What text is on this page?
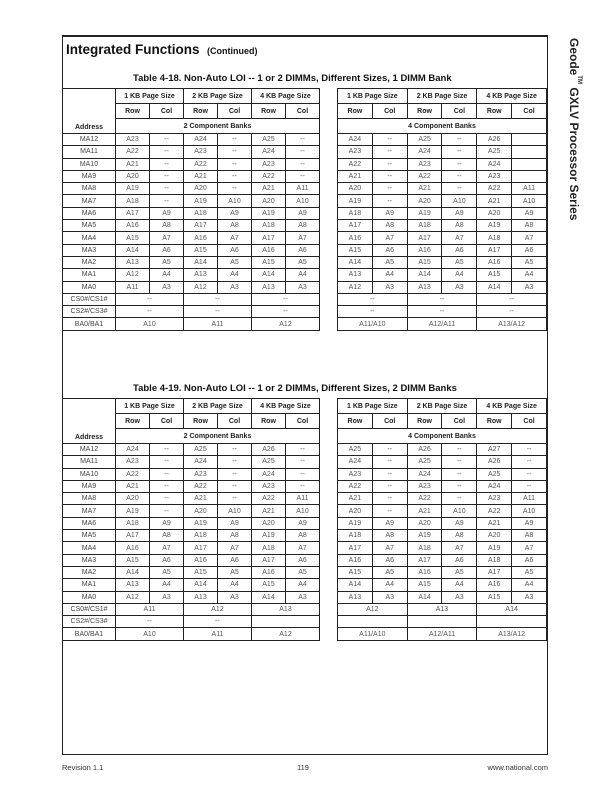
Integrated Functions (Continued)	Geode™ GXLV Processor Series
Table 4-18. Non-Auto LOI -- 1 or 2 DIMMs, Different Sizes, 1 DIMM Bank
Address	1 KB Page Size		2 KB Page Size		4 KB Page Size	
	Row	Col	Row	Col	Row	Col
	2 Component Banks					
MA12	A23	--	A24	--	A25	--
MA11	A22	--	A23	--	A24	--
MA10	A21	--	A22	--	A23	--
MA9	A20	--	A21	--	A22	--
MA8	A19	--	A20	--	A21	A11
MA7	A18	--	A19	A10	A20	A10
MA6	A17	A9	A18	A9	A19	A9
MA5	A16	A8	A17	A8	A18	A8
MA4	A15	A7	A16	A7	A17	A7
MA3	A14	A6	A15	A6	A16	A6
MA2	A13	A5	A14	A5	A15	A5
MA1	A12	A4	A13	A4	A14	A4
MA0	A11	A3	A12	A3	A13	A3
CS0#/CS1#	--		--		--	
CS2#/CS3#	--		--		--	
BA0/BA1	A10		A11		A12	
1 KB Page Size		2 KB Page Size		4 KB Page Size	
Row	Col	Row	Col	Row	Col
4 Component Banks					
A24	--	A25	--	A26	
A23	--	A24	--	A25	
A22	--	A23	--	A24	
A21	--	A22	--	A23	
A20	--	A21	--	A22	A11
A19	--	A20	A10	A21	A10
A18	A9	A19	A9	A20	A9
A17	A8	A18	A8	A19	A8
A16	A7	A17	A7	A18	A7
A15	A6	A16	A6	A17	A6
A14	A5	A15	A5	A16	A5
A13	A4	A14	A4	A15	A4
A12	A3	A13	A3	A14	A3
--		--		--	
--		--		--	
A11/A10		A12/A11		A13/A12	
Table 4-19. Non-Auto LOI -- 1 or 2 DIMMs, Different Sizes, 2 DIMM Banks
Address	1 KB Page Size		2 KB Page Size		4 KB Page Size	
	Row	Col	Row	Col	Row	Col
	2 Component Banks					
MA12	A24	--	A25	--	A26	--
MA11	A23	--	A24	--	A25	--
MA10	A22	--	A23	--	A24	--
MA9	A21	--	A22	--	A23	--
MA8	A20	--	A21	--	A22	A11
MA7	A19	--	A20	A10	A21	A10
MA6	A18	A9	A19	A9	A20	A9
MA5	A17	A8	A18	A8	A19	A8
MA4	A16	A7	A17	A7	A18	A7
MA3	A15	A6	A16	A6	A17	A6
MA2	A14	A5	A15	A5	A16	A5
MA1	A13	A4	A14	A4	A15	A4
MA0	A12	A3	A13	A3	A14	A3
CS0#/CS1#	A11		A12		A13	
CS2#/CS3#	--		--			
BA0/BA1	A10		A11		A12	
1 KB Page Size		2 KB Page Size		4 KB Page Size	
Row	Col	Row	Col	Row	Col
4 Component Banks					
A25	--	A26	--	A27	--
A24	--	A25	--	A26	--
A23	--	A24	--	A25	--
A22	--	A23	--	A24	--
A21	--	A22	--	A23	A11
A20	--	A21	A10	A22	A10
A19	A9	A20	A9	A21	A9
A18	A8	A19	A8	A20	A8
A17	A7	A18	A7	A19	A7
A16	A6	A17	A6	A18	A6
A15	A5	A16	A5	A17	A5
A14	A4	A15	A4	A16	A4
A13	A3	A14	A3	A15	A3
A12		A13		A14	

A11/A10		A12/A11		A13/A12	
Revision 1.1	119	www.national.com
